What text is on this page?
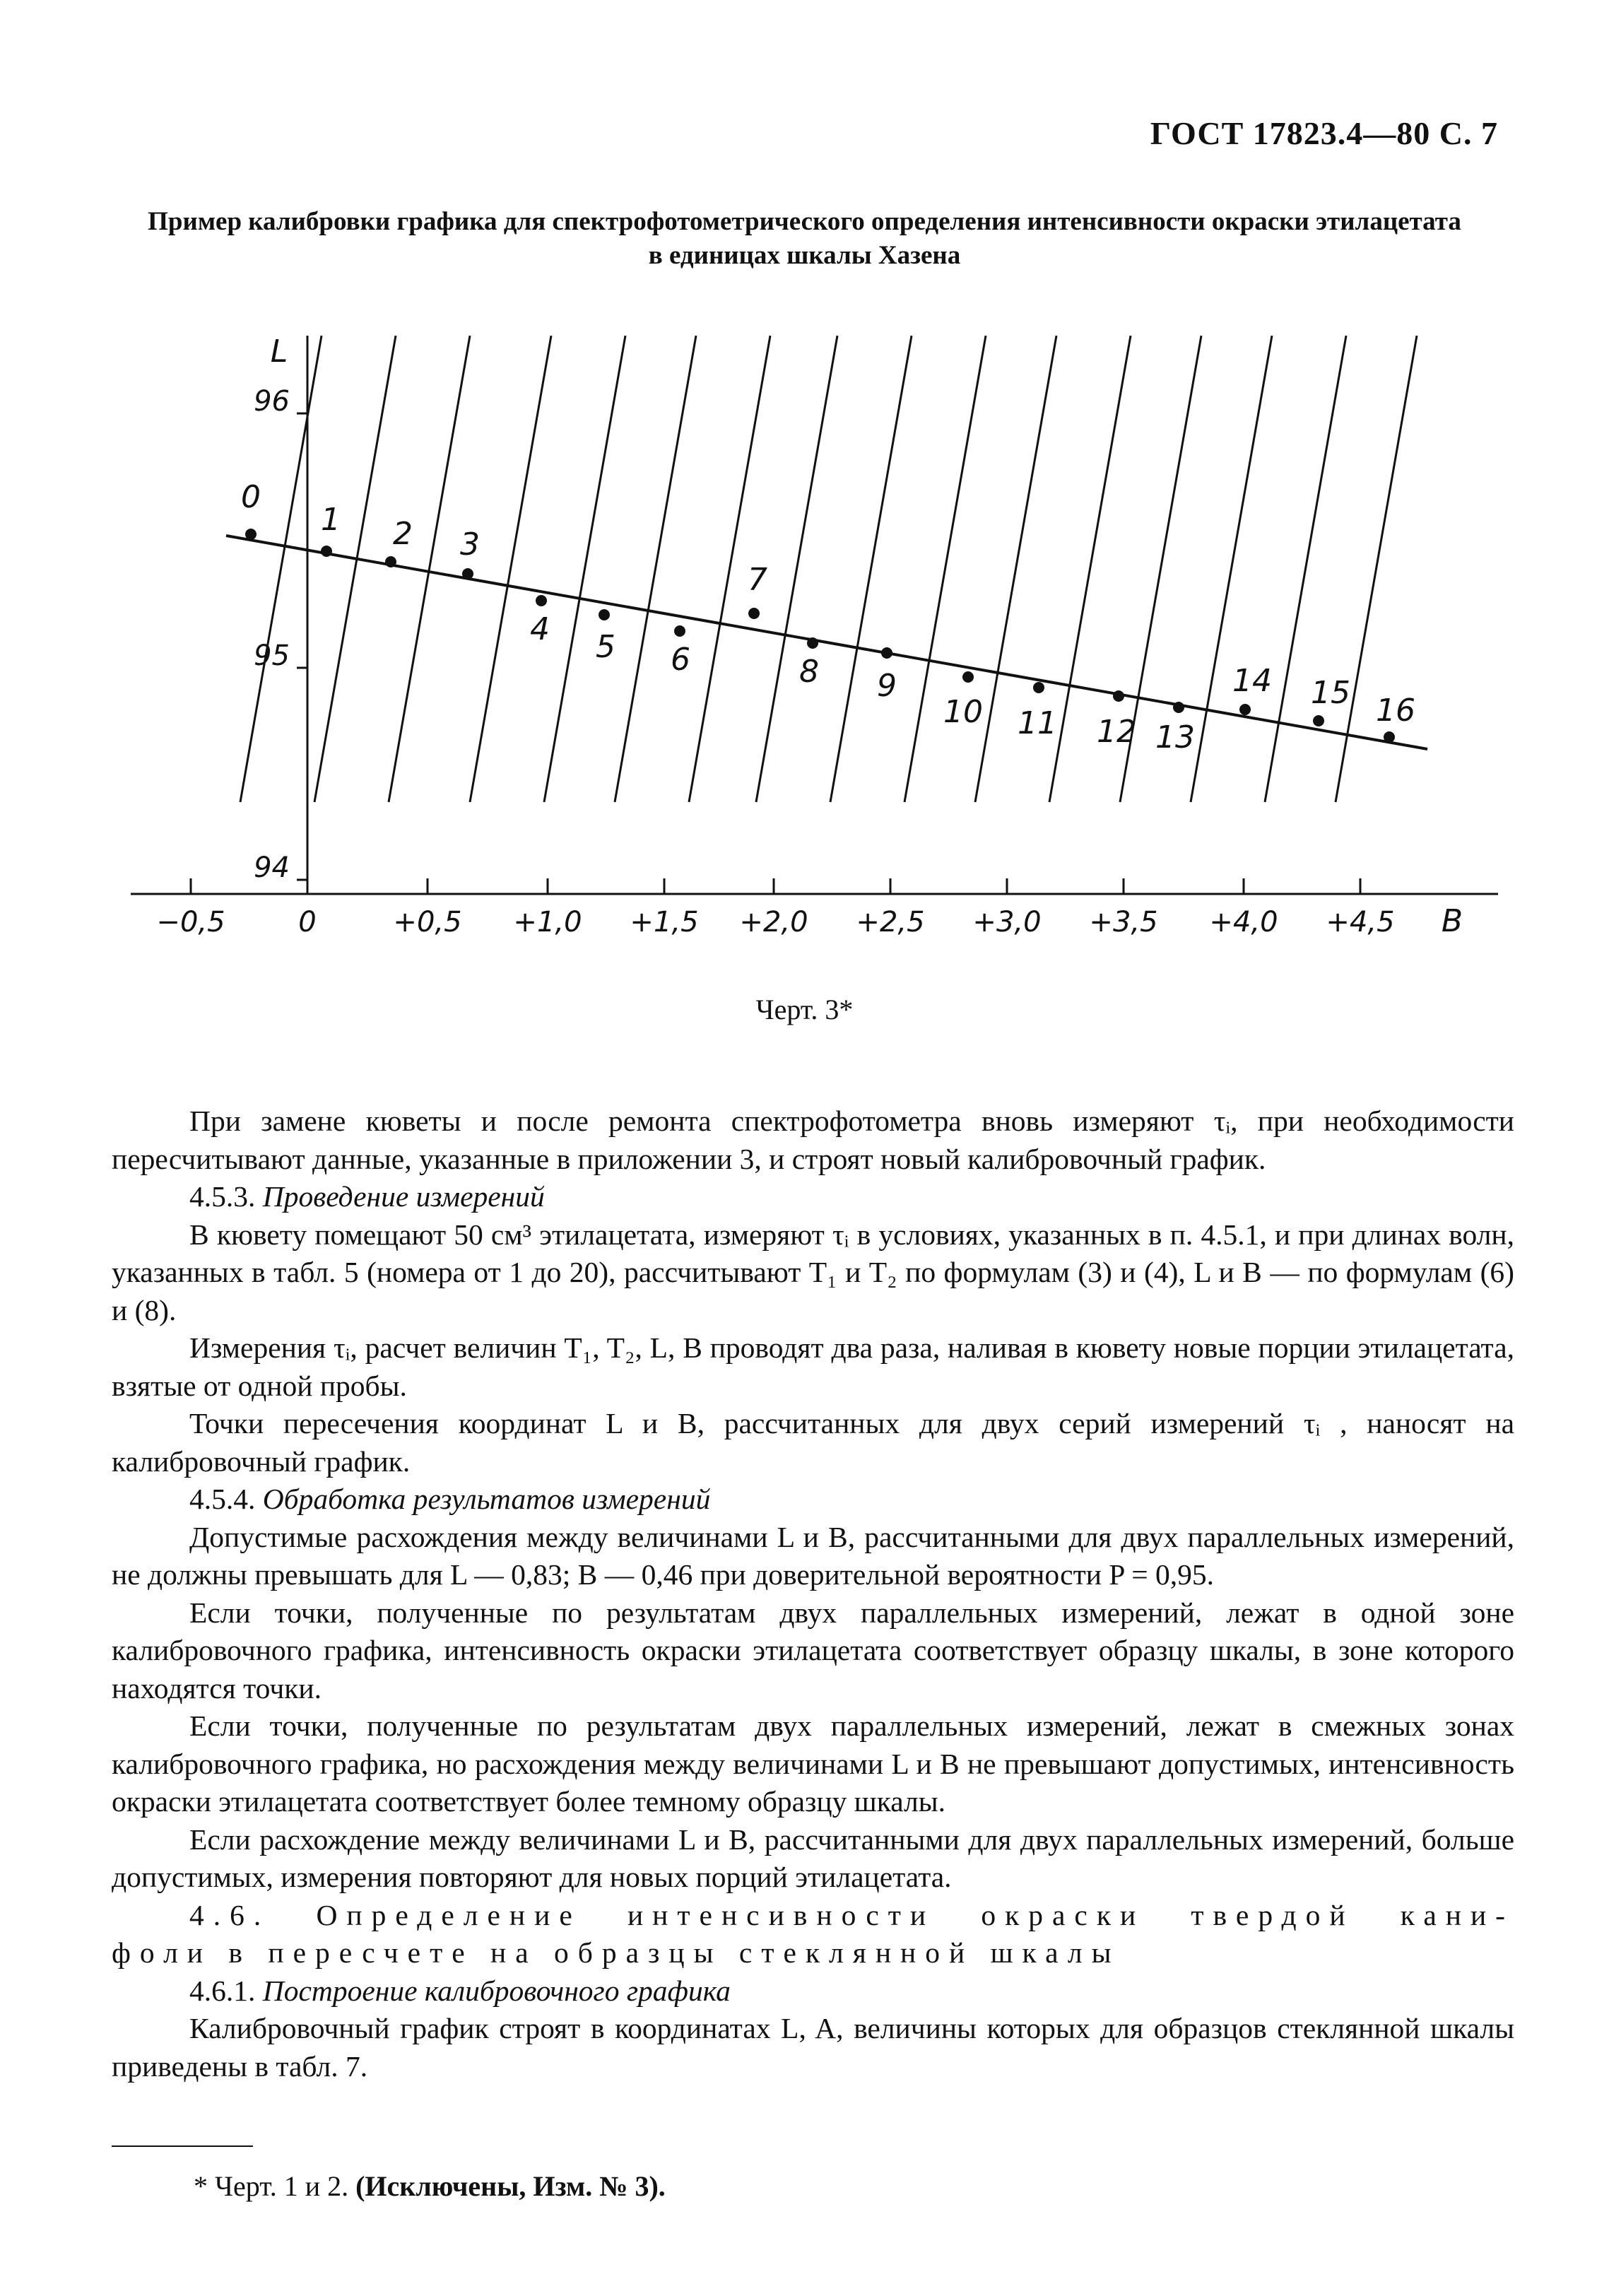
ГОСТ 17823.4—80 С. 7
Пример калибровки графика для спектрофотометрического определения интенсивности окраски этилацетата
в единицах шкалы Хазена
0
1 2 3
4 5 6
7
8 9
10 11 12 13
14 15 16
96
95
94
−0,5	0	+0,5 +1,0 +1,5 +2,0 +2,5 +3,0 +3,5 +4,0 +4,5
L
B
Черт. 3*
При замене кюветы и после ремонта спектрофотометра вновь измеряют τᵢ, при необходимости пересчитывают данные, указанные в приложении 3, и строят новый калибровочный график.
4.5.3. Проведение измерений
В кювету помещают 50 см³ этилацетата, измеряют τᵢ в условиях, указанных в п. 4.5.1, и при длинах волн, указанных в табл. 5 (номера от 1 до 20), рассчитывают T₁ и T₂ по формулам (3) и (4), L и B — по формулам (6) и (8).
Измерения τᵢ, расчет величин T₁, T₂, L, B проводят два раза, наливая в кювету новые порции этилацетата, взятые от одной пробы.
Точки пересечения координат L и B, рассчитанных для двух серий измерений τᵢ , наносят на калибровочный график.
4.5.4. Обработка результатов измерений
Допустимые расхождения между величинами L и B, рассчитанными для двух параллельных измерений, не должны превышать для L — 0,83; B — 0,46 при доверительной вероятности P = 0,95.
Если точки, полученные по результатам двух параллельных измерений, лежат в одной зоне калибровочного графика, интенсивность окраски этилацетата соответствует образцу шкалы, в зоне которого находятся точки.
Если точки, полученные по результатам двух параллельных измерений, лежат в смежных зонах калибровочного графика, но расхождения между величинами L и B не превышают допустимых, интенсивность окраски этилацетата соответствует более темному образцу шкалы.
Если расхождение между величинами L и B, рассчитанными для двух параллельных измерений, больше допустимых, измерения повторяют для новых порций этилацетата.
4.6. Определение интенсивности окраски твердой кани-
фоли в пересчете на образцы стеклянной шкалы
4.6.1. Построение калибровочного графика
Калибровочный график строят в координатах L, A, величины которых для образцов стеклянной шкалы приведены в табл. 7.
* Черт. 1 и 2. (Исключены, Изм. № 3).
